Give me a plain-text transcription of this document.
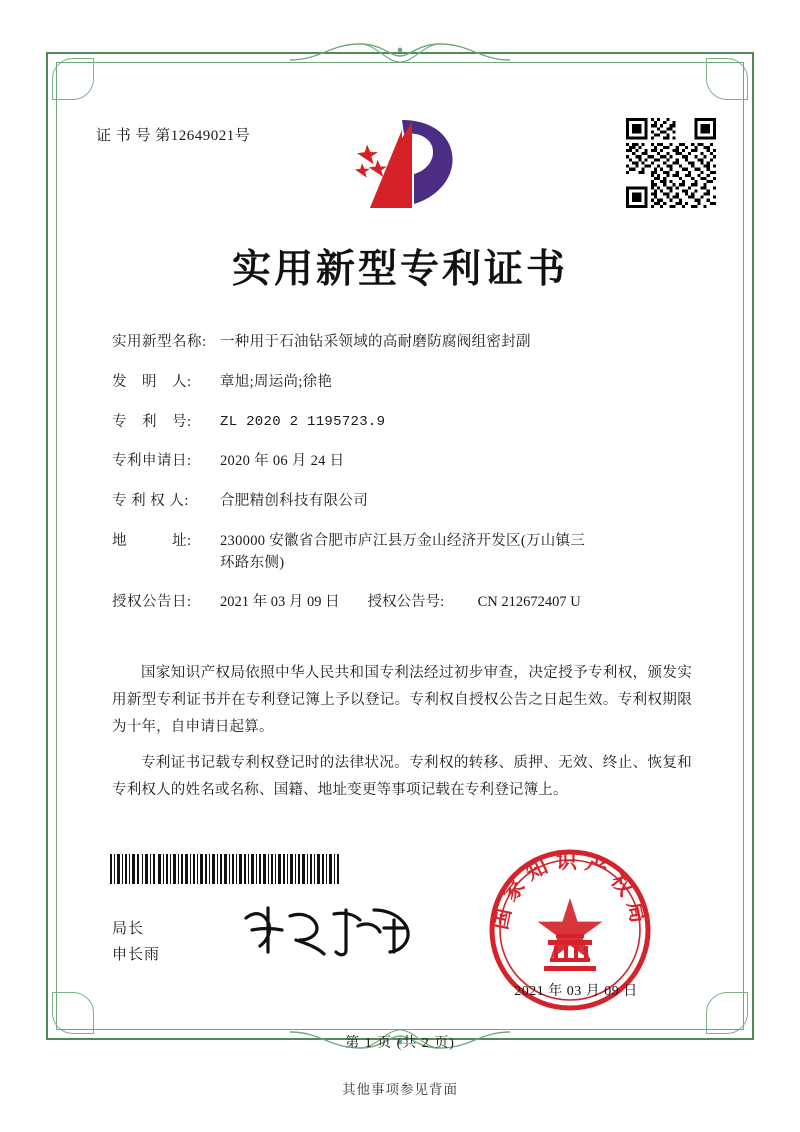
证 书 号 第12649021号
实用新型专利证书
实用新型名称: 一种用于石油钻采领域的高耐磨防腐阀组密封副
发　明　人:	章旭;周运尚;徐艳
专　利　号:	ZL 2020 2 1195723.9
专利申请日:	2020 年 06 月 24 日
专 利 权 人:	合肥精创科技有限公司
地　　　址:	230000 安徽省合肥市庐江县万金山经济开发区(万山镇三
环路东侧)
授权公告日:	2021 年 03 月 09 日 授权公告号:	CN 212672407 U

国家知识产权局依照中华人民共和国专利法经过初步审查，决定授予专利权，颁发实用新型专利证书并在专利登记簿上予以登记。专利权自授权公告之日起生效。专利权期限为十年，自申请日起算。

专利证书记载专利权登记时的法律状况。专利权的转移、质押、无效、终止、恢复和专利权人的姓名或名称、国籍、地址变更等事项记载在专利登记簿上。

局长
申长雨
国家知识产权局
2021 年 03 月 09 日
第 1 页 (共 2 页)
其他事项参见背面
